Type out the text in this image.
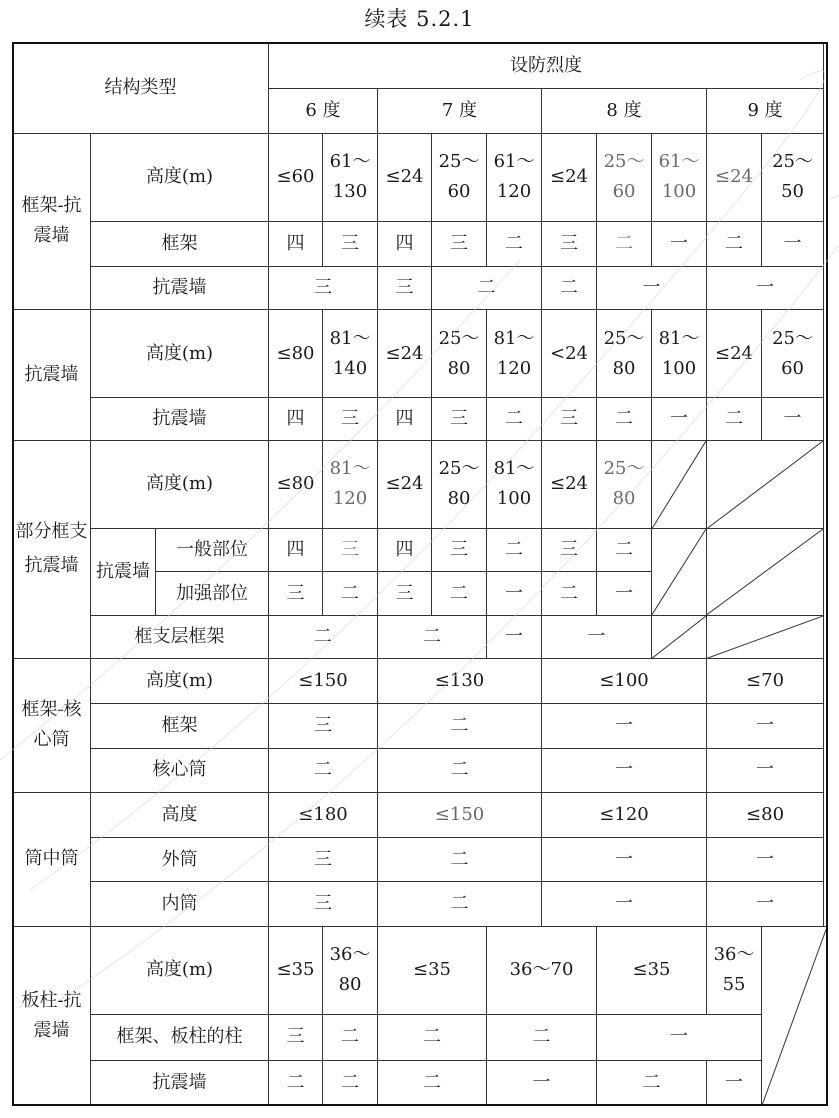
续表 5.2.1
结构类型			设防烈度									
			6 度		7 度			8 度			9 度	
框架-抗震墙	高度(m)		≤60	61～130	≤24	25～60	61～120	≤24	25～60	61～100	≤24	25～50
	框架		四	三	四	三	二	三	二	一	二	一
	抗震墙		三		三	二		二	一		一	
抗震墙	高度(m)		≤80	81～140	≤24	25～80	81～120	<24	25～80	81～100	≤24	25～60
	抗震墙		四	三	四	三	二	三	二	一	二	一
部分框支抗震墙	高度(m)		≤80	81～120	≤24	25～80	81～100	≤24	25～80	

	抗震墙	一般部位	四	三	四	三	二	三	二	

		加强部位	三	二	三	二	一	二	一			
	框支层框架		二		二		一	一	

框架-核心筒	高度(m)		≤150		≤130			≤100			≤70	
	框架		三		二			一			一	
	核心筒		二		二			一			一	
筒中筒	高度		≤180		≤150			≤120			≤80	
	外筒		三		二			一			一	
	内筒		三		二			一			一	
板柱-抗震墙	高度(m)		≤35	36～80	≤35		36～70		≤35		36～55	

	框架、板柱的柱		三	二	二		二		一			
	抗震墙		二	二	二		一		二		一	
